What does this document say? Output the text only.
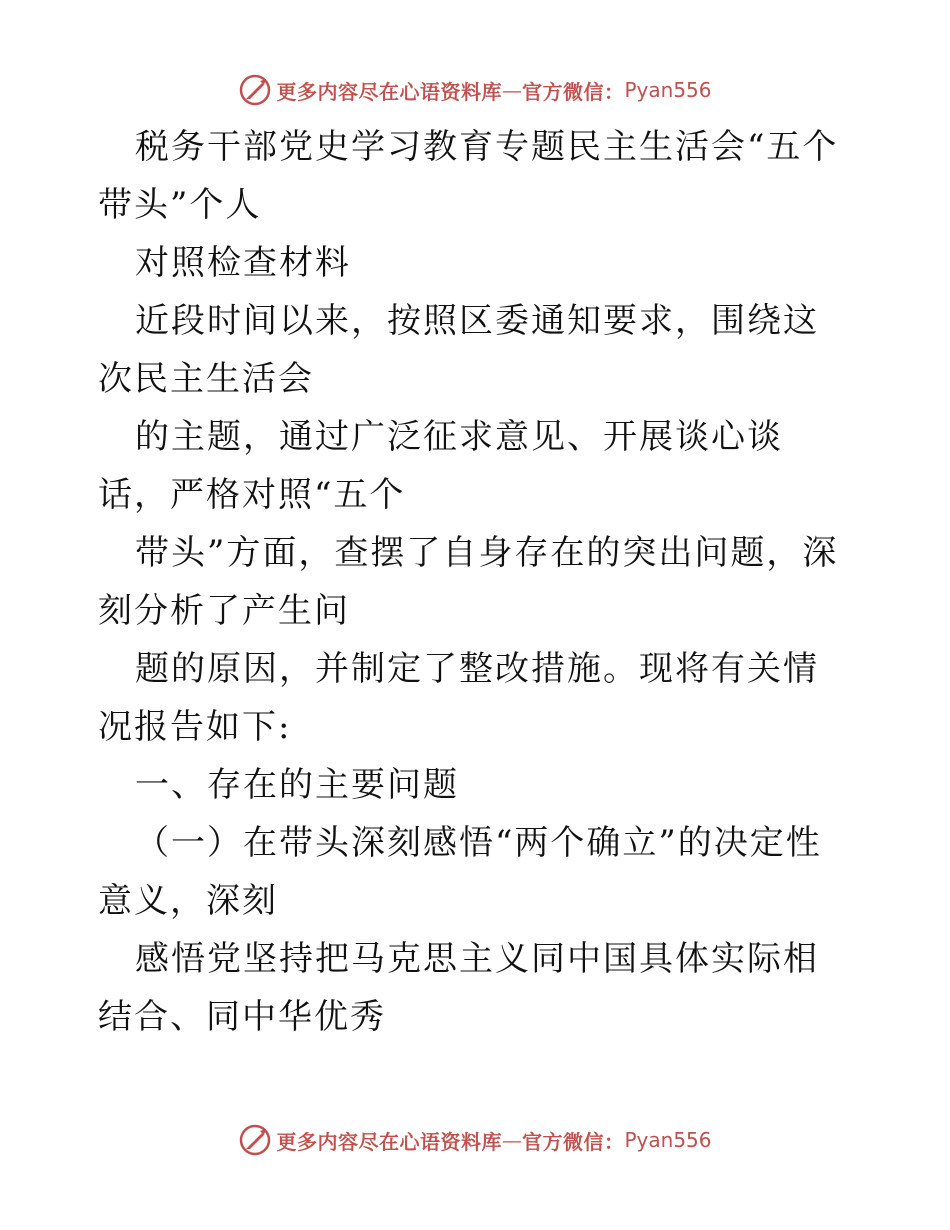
更多内容尽在心语资料库 — 官方微信： Pyan556

税务干部党史学习教育专题民主生活会“五个带头”个人

对照检查材料

近段时间以来，按照区委通知要求，围绕这次民主生活会

的主题，通过广泛征求意见、开展谈心谈话，严格对照“五个

带头”方面，查摆了自身存在的突出问题，深刻分析了产生问

题的原因，并制定了整改措施。现将有关情况报告如下:

一、存在的主要问题

（一）在带头深刻感悟“两个确立”的决定性意义，深刻

感悟党坚持把马克思主义同中国具体实际相结合、同中华优秀

更多内容尽在心语资料库 — 官方微信： Pyan556
